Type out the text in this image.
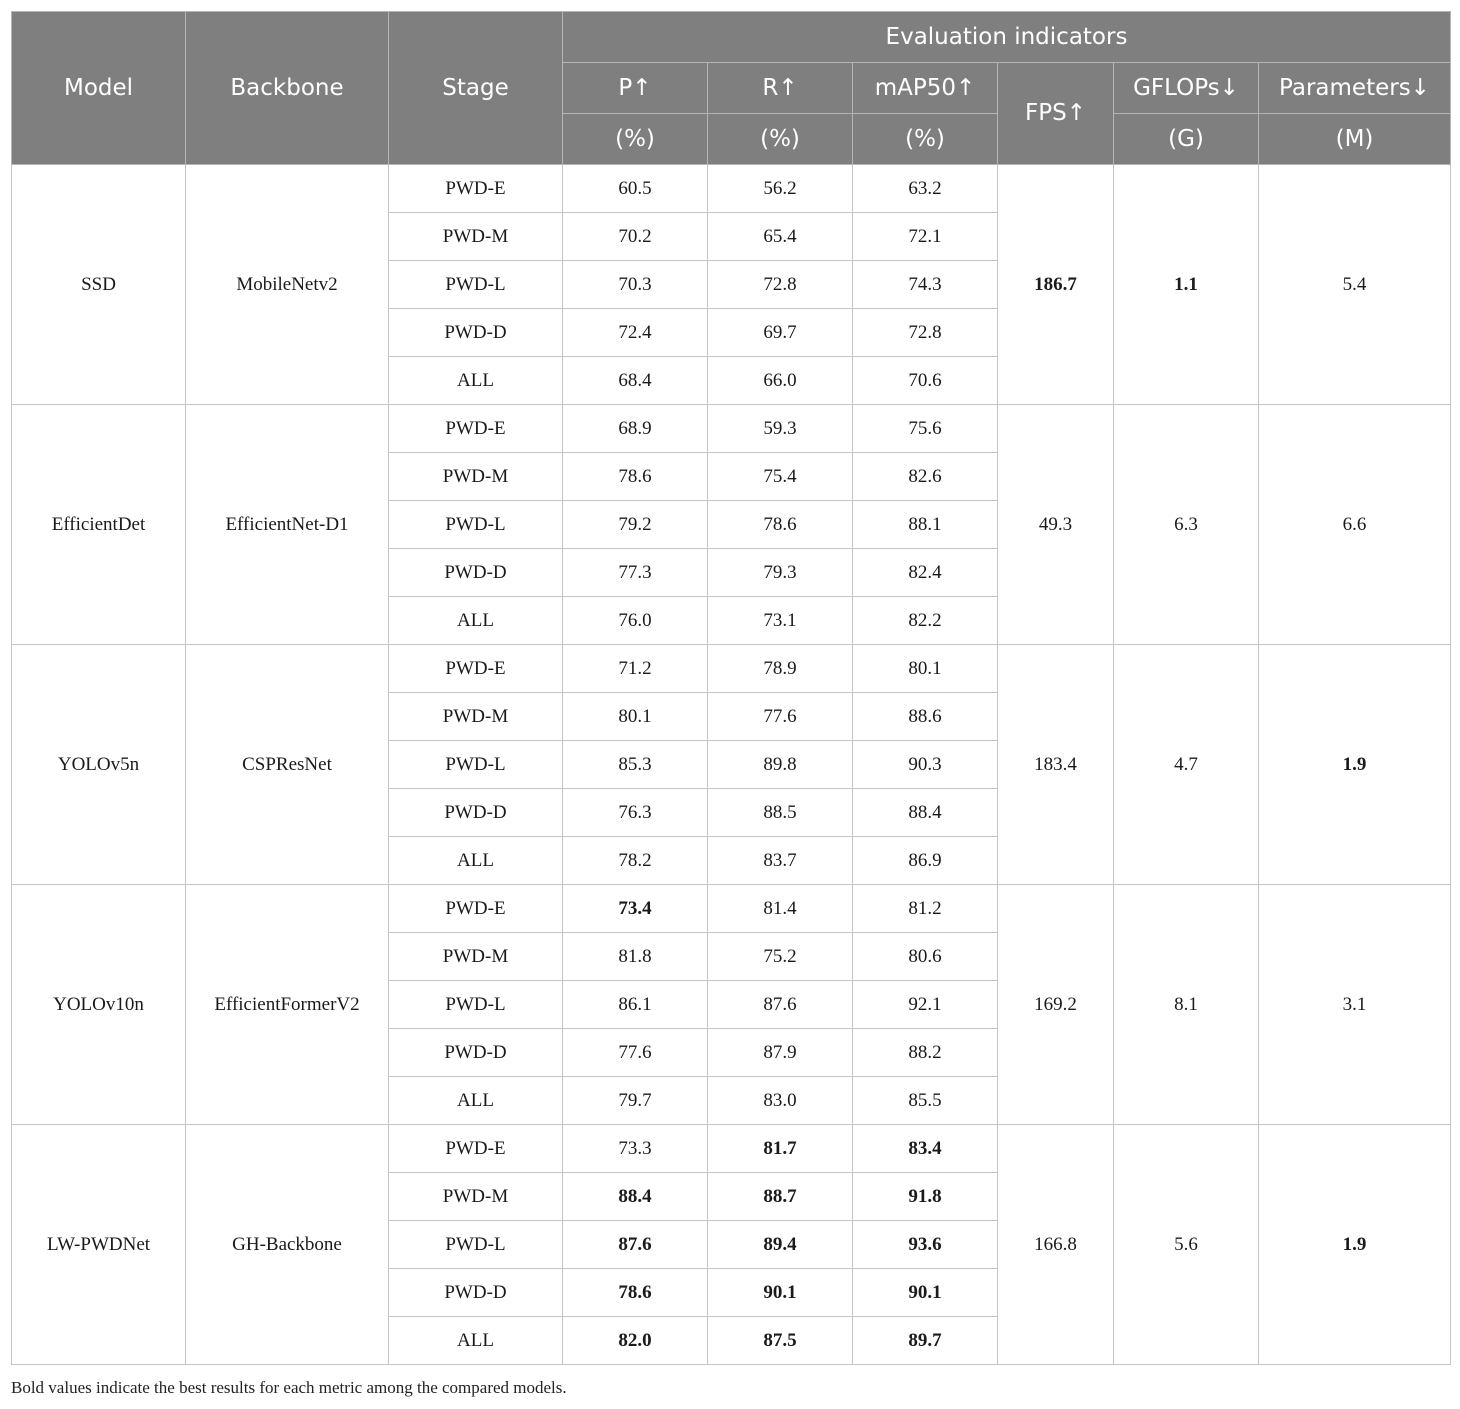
Model	Backbone	Stage	Evaluation indicators					
			P↑	R↑	mAP50↑	FPS↑	GFLOPs↓	Parameters↓
			(%)	(%)	(%)		(G)	(M)
SSD	MobileNetv2	PWD-E	60.5	56.2	63.2	186.7	1.1	5.4
		PWD-M	70.2	65.4	72.1			
		PWD-L	70.3	72.8	74.3			
		PWD-D	72.4	69.7	72.8			
		ALL	68.4	66.0	70.6			
EfficientDet	EfficientNet-D1	PWD-E	68.9	59.3	75.6	49.3	6.3	6.6
		PWD-M	78.6	75.4	82.6			
		PWD-L	79.2	78.6	88.1			
		PWD-D	77.3	79.3	82.4			
		ALL	76.0	73.1	82.2			
YOLOv5n	CSPResNet	PWD-E	71.2	78.9	80.1	183.4	4.7	1.9
		PWD-M	80.1	77.6	88.6			
		PWD-L	85.3	89.8	90.3			
		PWD-D	76.3	88.5	88.4			
		ALL	78.2	83.7	86.9			
YOLOv10n	EfficientFormerV2	PWD-E	73.4	81.4	81.2	169.2	8.1	3.1
		PWD-M	81.8	75.2	80.6			
		PWD-L	86.1	87.6	92.1			
		PWD-D	77.6	87.9	88.2			
		ALL	79.7	83.0	85.5			
LW-PWDNet	GH-Backbone	PWD-E	73.3	81.7	83.4	166.8	5.6	1.9
		PWD-M	88.4	88.7	91.8			
		PWD-L	87.6	89.4	93.6			
		PWD-D	78.6	90.1	90.1			
		ALL	82.0	87.5	89.7			
Bold values indicate the best results for each metric among the compared models.
